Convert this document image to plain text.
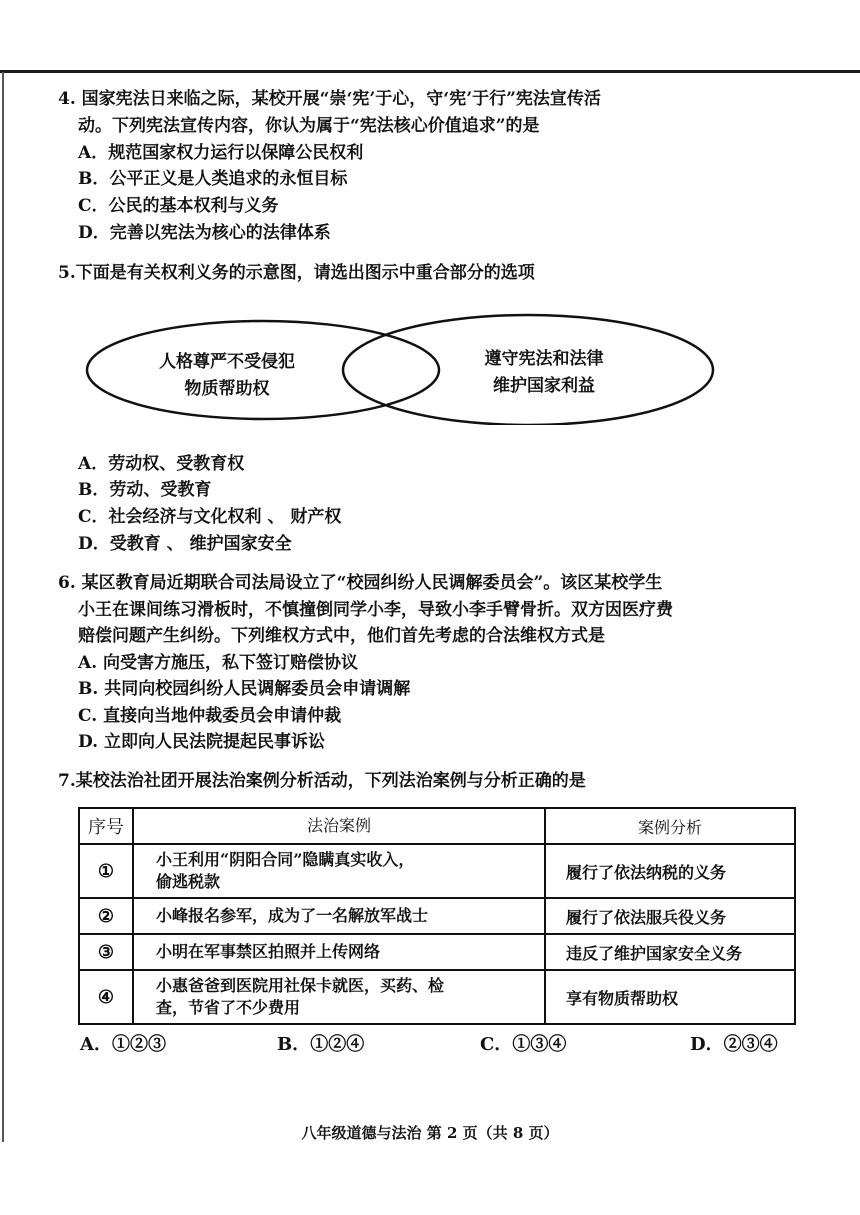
4. 国家宪法日来临之际，某校开展“崇‘宪’于心，守‘宪’于行”宪法宣传活
动。下列宪法宣传内容，你认为属于“宪法核心价值追求”的是
A．规范国家权力运行以保障公民权利
B．公平正义是人类追求的永恒目标
C．公民的基本权利与义务
D．完善以宪法为核心的法律体系
5.下面是有关权利义务的示意图，请选出图示中重合部分的选项
人格尊严不受侵犯
物质帮助权
遵守宪法和法律
维护国家利益
A．劳动权、受教育权
B．劳动、受教育
C．社会经济与文化权利 、 财产权
D．受教育 、 维护国家安全
6. 某区教育局近期联合司法局设立了“校园纠纷人民调解委员会”。该区某校学生
小王在课间练习滑板时，不慎撞倒同学小李，导致小李手臂骨折。双方因医疗费
赔偿问题产生纠纷。下列维权方式中，他们首先考虑的合法维权方式是
A. 向受害方施压，私下签订赔偿协议
B. 共同向校园纠纷人民调解委员会申请调解
C. 直接向当地仲裁委员会申请仲裁
D. 立即向人民法院提起民事诉讼
7.某校法治社团开展法治案例分析活动，下列法治案例与分析正确的是
序号	法治案例	案例分析
①	小王利用“阴阳合同”隐瞒真实收入，
偷逃税款	履行了依法纳税的义务
②	小峰报名参军，成为了一名解放军战士	履行了依法服兵役义务
③	小明在军事禁区拍照并上传网络	违反了维护国家安全义务
④	小惠爸爸到医院用社保卡就医，买药、检
查，节省了不少费用	享有物质帮助权
A．①②③	B．①②④	C．①③④	D．②③④
八年级道德与法治 第 2 页（共 8 页）
